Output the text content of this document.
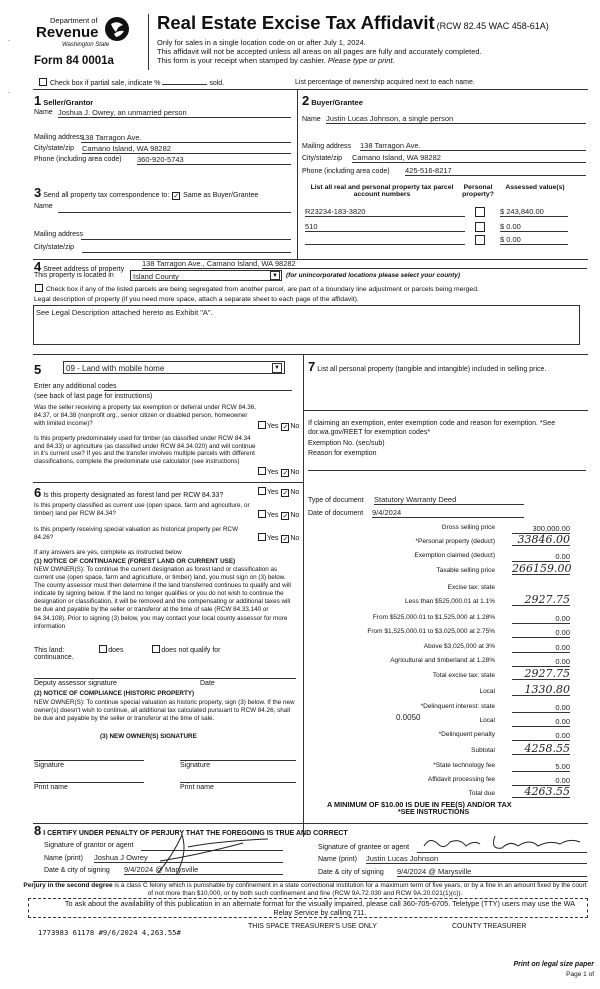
Department of
Revenue
Washington State
Form 84 0001a
Real Estate Excise Tax Affidavit (RCW 82.45 WAC 458-61A)
Only for sales in a single location code on or after July 1, 2024.
This affidavit will not be accepted unless all areas on all pages are fully and accurately completed.
This form is your receipt when stamped by cashier. Please type or print.
Check box if partial sale, indicate %	sold.	List percentage of ownership acquired next to each name.
1 Seller/Grantor
Name Joshua J. Owrey, an unmarried person
Mailing address
138 Tarragon Ave.
City/state/zip Camano Island, WA 98282
Phone (including area code) 360-920-5743
2 Buyer/Grantee
Name Justin Lucas Johnson, a single person
Mailing address 138 Tarragon Ave.
City/state/zip Camano Island, WA 98282
Phone (including area code) 425-516-8217
3 Send all property tax correspondence to: ✓ Same as Buyer/Grantee
Name
Mailing address
City/state/zip
List all real and personal property tax parcel account numbers
Personal property?
Assessed value(s)
R23234-183-3820	$ 243,840.00
510	$ 0.00
$ 0.00
4 Street address of property
138 Tarragon Ave., Camano Island, WA 98282
This property is located in	Island County	▼	(for unincorporated locations please select your county)
Check box if any of the listed parcels are being segregated from another parcel, are part of a boundary line adjustment or parcels being merged.
Legal description of property (if you need more space, attach a separate sheet to each page of the affidavit).
See Legal Description attached hereto as Exhibit "A".
5	09 - Land with mobile home	▼
Enter any additional codes
(see back of last page for instructions)
Was the seller receiving a property tax exemption or deferral under RCW 84.36, 84.37, or 84.38 (nonprofit org., senior citizen or disabled person, homeowner with limited income)?	Yes ✓ No
Is this property predominately used for timber (as classified under RCW 84.34 and 84.33) or agriculture (as classified under RCW 84.34.020) and will continue in it's current use? If yes and the transfer involves multiple parcels with different classifications, complete the predominate use calculator (see instructions)
Yes ✓ No
6 Is this property designated as forest land per RCW 84.33?	Yes ✓ No
Is this property classified as current use (open space, farm and agriculture, or timber) land per RCW 84.34?	Yes ✓ No
Is this property receiving special valuation as historical property per RCW 84.26?	Yes ✓ No
If any answers are yes, complete as instructed below
(1) NOTICE OF CONTINUANCE (FOREST LAND OR CURRENT USE)
NEW OWNER(S): To continue the current designation as forest land or classification as current use (open space, farm and agriculture, or timber) land, you must sign on (3) below. The county assessor must then determine if the land transferred continues to qualify and will indicate by signing below. If the land no longer qualifies or you do not wish to continue the designation or classification, it will be removed and the compensating or additional taxes will be due and payable by the seller or transferor at the time of sale (RCW 84.33.140 or 84.34.108). Prior to signing (3) below, you may contact your local county assessor for more information
This land:	does	does not qualify for
continuance.
Deputy assessor signature	Date
(2) NOTICE OF COMPLIANCE (HISTORIC PROPERTY)
NEW OWNER(S): To continue special valuation as historic property, sign (3) below. If the new owner(s) doesn't wish to continue, all additional tax calculated pursuant to RCW 84.26, shall be due and payable by the seller or transferor at the time of sale.
(3) NEW OWNER(S) SIGNATURE
Signature	Signature
Print name	Print name
7 List all personal property (tangible and intangible) included in selling price.
If claiming an exemption, enter exemption code and reason for exemption. *See dor.wa.gov/REET for exemption codes*
Exemption No. (sec/sub)
Reason for exemption
Type of document Statutory Warranty Deed
Date of document 9/4/2024
Gross selling price	300,000.00
*Personal property (deduct)	33846.00
Exemption claimed (deduct)	0.00
Taxable selling price 266159.00
Excise tax: state
Less than $525,000.01 at 1.1%	2927.75
From $525,000.01 to $1,525,000 at 1.28%	0.00
From $1,525,000.01 to $3,025,000 at 2.75%	0.00
Above $3,025,000 at 3%	0.00
Agricultural and timberland at 1.28%	0.00
Total excise tax: state	2927.75
Local	1330.80
*Delinquent interest: state	0.00
Local	0.00
*Delinquent penalty	0.00
Subtotal	4258.55
*State technology fee	5.00
Affidavit processing fee	0.00
Total due	4263.55
0.0050
A MINIMUM OF $10.00 IS DUE IN FEE(S) AND/OR TAX
*SEE INSTRUCTIONS
8 I CERTIFY UNDER PENALTY OF PERJURY THAT THE FOREGOING IS TRUE AND CORRECT
Signature of grantor or agent
Name (print) Joshua J Owrey
Date & city of signing 9/4/2024 @ Marysville
Signature of grantee or agent
Name (print) Justin Lucas Johnson
Date & city of signing 9/4/2024 @ Marysville
Perjury in the second degree is a class C felony which is punishable by confinement in a state correctional institution for a maximum term of five years, or by a fine in an amount fixed by the court of not more than $10,000, or by both such confinement and fine (RCW 9A.72.030 and RCW 9A.20.021(1)(c)).
To ask about the availability of this publication in an alternate format for the visually impaired, please call 360-705-6705. Teletype (TTY) users may use the WA Relay Service by calling 711.
1773983 61178 #9/6/2024 4,263.55#
THIS SPACE TREASURER'S USE ONLY	COUNTY TREASURER
Print on legal size paper
Page 1 of
-
-
